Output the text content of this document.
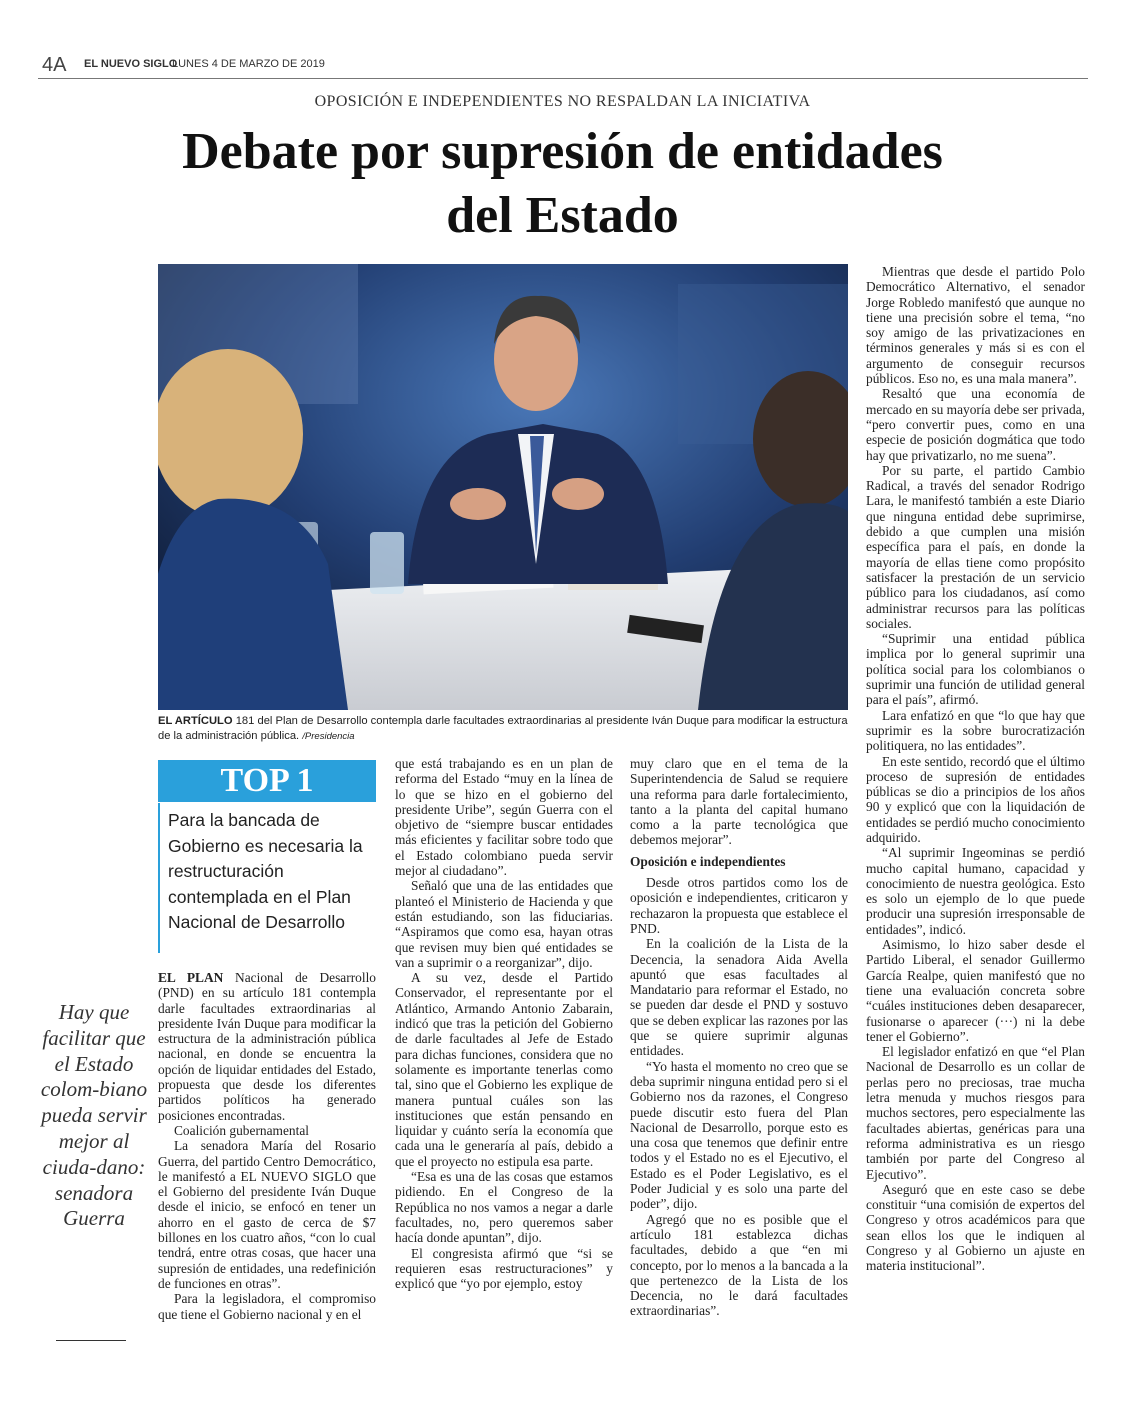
4A EL NUEVO SIGLO
LUNES 4 DE MARZO DE 2019
OPOSICIÓN E INDEPENDIENTES NO RESPALDAN LA INICIATIVA
Debate por supresión de entidades
del Estado
EL ARTÍCULO 181 del Plan de Desarrollo contempla darle facultades extraordinarias al presidente Iván Duque para modificar la estructura de la administración pública. /Presidencia
TOP 1
Para la bancada de Gobierno es necesaria la restructuración contemplada en el Plan Nacional de Desarrollo
Hay que facilitar que el Estado colom-biano pueda servir mejor al ciuda-dano: senadora Guerra

EL PLAN Nacional de Desarrollo (PND) en su artículo 181 contempla darle facultades extraordinarias al presidente Iván Duque para modificar la estructura de la administración pública nacional, en donde se encuentra la opción de liquidar entidades del Estado, propuesta que desde los diferentes partidos políticos ha generado posiciones encontradas.

Coalición gubernamental

La senadora María del Rosario Guerra, del partido Centro Democrático, le manifestó a EL NUEVO SIGLO que el Gobierno del presidente Iván Duque desde el inicio, se enfocó en tener un ahorro en el gasto de cerca de $7 billones en los cuatro años, “con lo cual tendrá, entre otras cosas, que hacer una supresión de entidades, una redefinición de funciones en otras”.

Para la legisladora, el compromiso que tiene el Gobierno nacional y en el

que está trabajando es en un plan de reforma del Estado “muy en la línea de lo que se hizo en el gobierno del presidente Uribe”, según Guerra con el objetivo de “siempre buscar entidades más eficientes y facilitar sobre todo que el Estado colombiano pueda servir mejor al ciudadano”.

Señaló que una de las entidades que planteó el Ministerio de Hacienda y que están estudiando, son las fiduciarias. “Aspiramos que como esa, hayan otras que revisen muy bien qué entidades se van a suprimir o a reorganizar”, dijo.

A su vez, desde el Partido Conservador, el representante por el Atlántico, Armando Antonio Zabarain, indicó que tras la petición del Gobierno de darle facultades al Jefe de Estado para dichas funciones, considera que no solamente es importante tenerlas como tal, sino que el Gobierno les explique de manera puntual cuáles son las instituciones que están pensando en liquidar y cuánto sería la economía que cada una le generaría al país, debido a que el proyecto no estipula esa parte.

“Esa es una de las cosas que estamos pidiendo. En el Congreso de la República no nos vamos a negar a darle facultades, no, pero queremos saber hacía donde apuntan”, dijo.

El congresista afirmó que “si se requieren esas restructuraciones” y explicó que “yo por ejemplo, estoy

muy claro que en el tema de la Superintendencia de Salud se requiere una reforma para darle fortalecimiento, tanto a la planta del capital humano como a la parte tecnológica que debemos mejorar”.

Oposición e independientes

Desde otros partidos como los de oposición e independientes, criticaron y rechazaron la propuesta que establece el PND.

En la coalición de la Lista de la Decencia, la senadora Aida Avella apuntó que esas facultades al Mandatario para reformar el Estado, no se pueden dar desde el PND y sostuvo que se deben explicar las razones por las que se quiere suprimir algunas entidades.

“Yo hasta el momento no creo que se deba suprimir ninguna entidad pero si el Gobierno nos da razones, el Congreso puede discutir esto fuera del Plan Nacional de Desarrollo, porque esto es una cosa que tenemos que definir entre todos y el Estado no es el Ejecutivo, el Estado es el Poder Legislativo, es el Poder Judicial y es solo una parte del poder”, dijo.

Agregó que no es posible que el artículo 181 establezca dichas facultades, debido a que “en mi concepto, por lo menos a la bancada a la que pertenezco de la Lista de los Decencia, no le dará facultades extraordinarias”.

Mientras que desde el partido Polo Democrático Alternativo, el senador Jorge Robledo manifestó que aunque no tiene una precisión sobre el tema, “no soy amigo de las privatizaciones en términos generales y más si es con el argumento de conseguir recursos públicos. Eso no, es una mala manera”.

Resaltó que una economía de mercado en su mayoría debe ser privada, “pero convertir pues, como en una especie de posición dogmática que todo hay que privatizarlo, no me suena”.

Por su parte, el partido Cambio Radical, a través del senador Rodrigo Lara, le manifestó también a este Diario que ninguna entidad debe suprimirse, debido a que cumplen una misión específica para el país, en donde la mayoría de ellas tiene como propósito satisfacer la prestación de un servicio público para los ciudadanos, así como administrar recursos para las políticas sociales.

“Suprimir una entidad pública implica por lo general suprimir una política social para los colombianos o suprimir una función de utilidad general para el país”, afirmó.

Lara enfatizó en que “lo que hay que suprimir es la sobre burocratización politiquera, no las entidades”.

En este sentido, recordó que el último proceso de supresión de entidades públicas se dio a principios de los años 90 y explicó que con la liquidación de entidades se perdió mucho conocimiento adquirido.

“Al suprimir Ingeominas se perdió mucho capital humano, capacidad y conocimiento de nuestra geológica. Esto es solo un ejemplo de lo que puede producir una supresión irresponsable de entidades”, indicó.

Asimismo, lo hizo saber desde el Partido Liberal, el senador Guillermo García Realpe, quien manifestó que no tiene una evaluación concreta sobre “cuáles instituciones deben desaparecer, fusionarse o aparecer (···) ni la debe tener el Gobierno”.

El legislador enfatizó en que “el Plan Nacional de Desarrollo es un collar de perlas pero no preciosas, trae mucha letra menuda y muchos riesgos para muchos sectores, pero especialmente las facultades abiertas, genéricas para una reforma administrativa es un riesgo también por parte del Congreso al Ejecutivo”.

Aseguró que en este caso se debe constituir “una comisión de expertos del Congreso y otros académicos para que sean ellos los que le indiquen al Congreso y al Gobierno un ajuste en materia institucional”.
